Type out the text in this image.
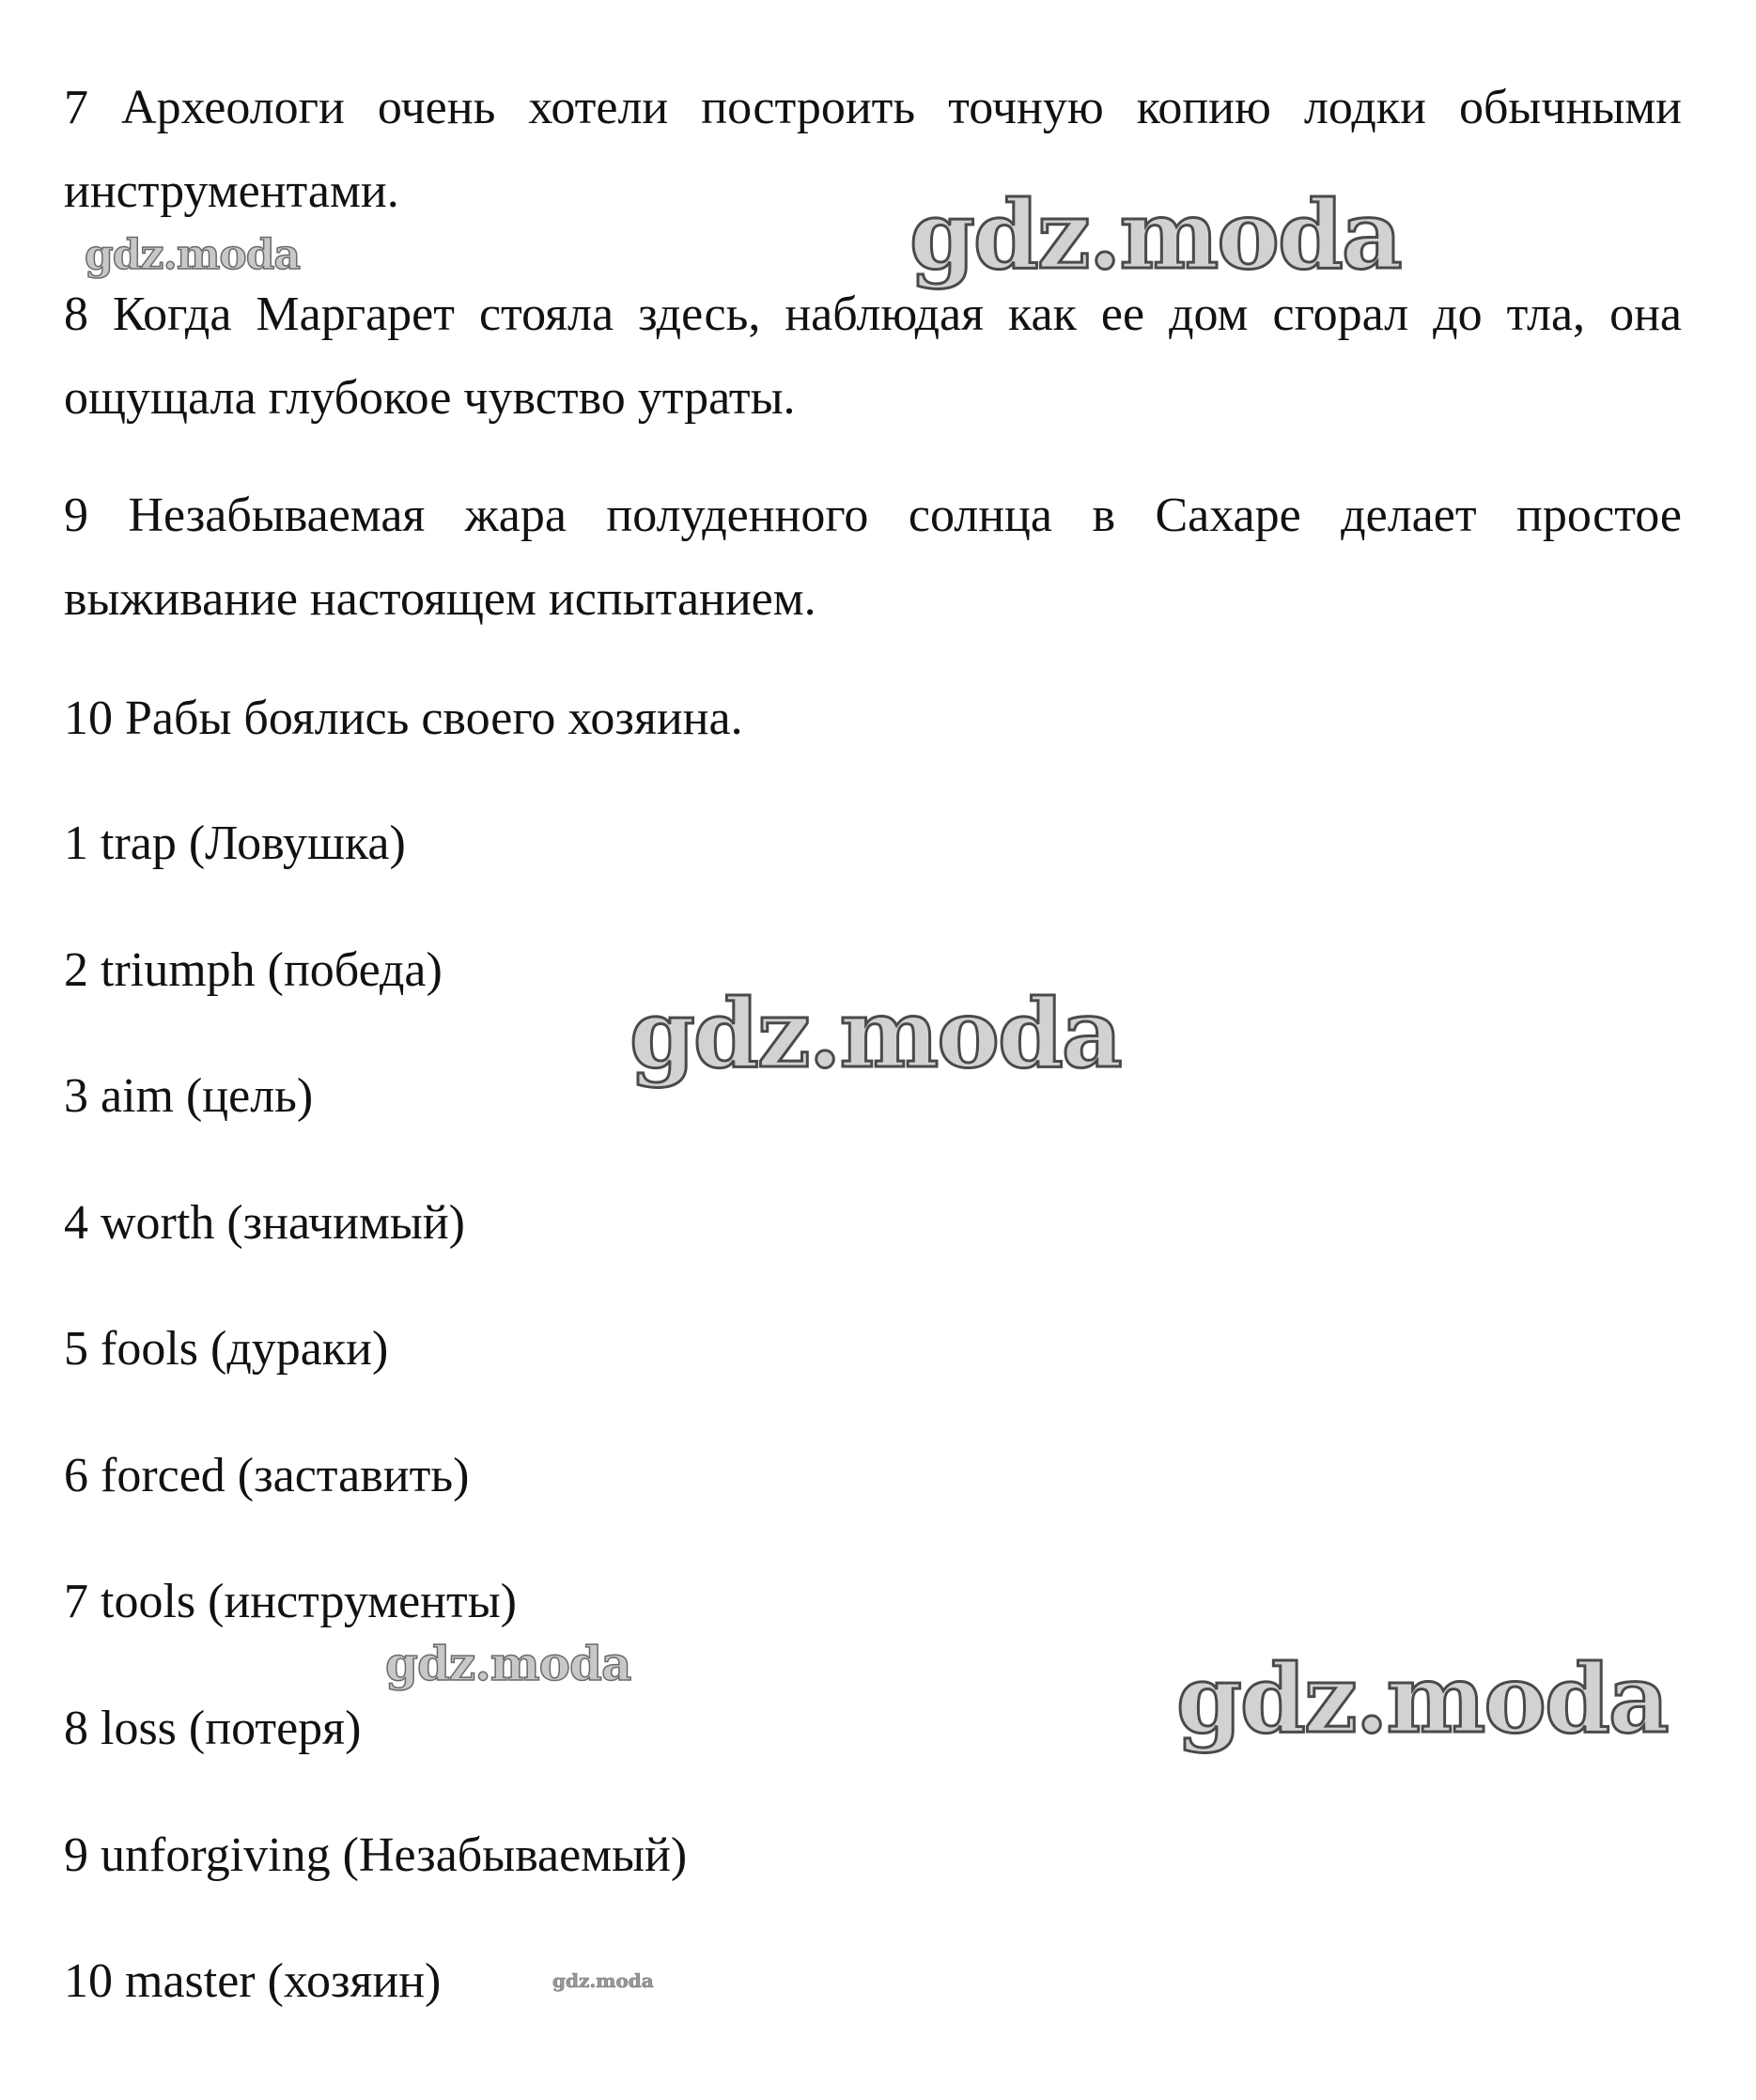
7 Археологи очень хотели построить точную копию лодки обычными инструментами.

8 Когда Маргарет стояла здесь, наблюдая как ее дом сгорал до тла, она ощущала глубокое чувство утраты.

9 Незабываемая жара полуденного солнца в Сахаре делает простое выживание настоящем испытанием.

10 Рабы боялись своего хозяина.

1 trap (Ловушка)

2 triumph (победа)

3 aim (цель)

4 worth (значимый)

5 fools (дураки)

6 forced (заставить)

7 tools (инструменты)

8 loss (потеря)

9 unforgiving (Незабываемый)

10 master (хозяин)

gdz.moda	gdz.moda
gdz.moda
gdz.moda	gdz.moda
gdz.moda
